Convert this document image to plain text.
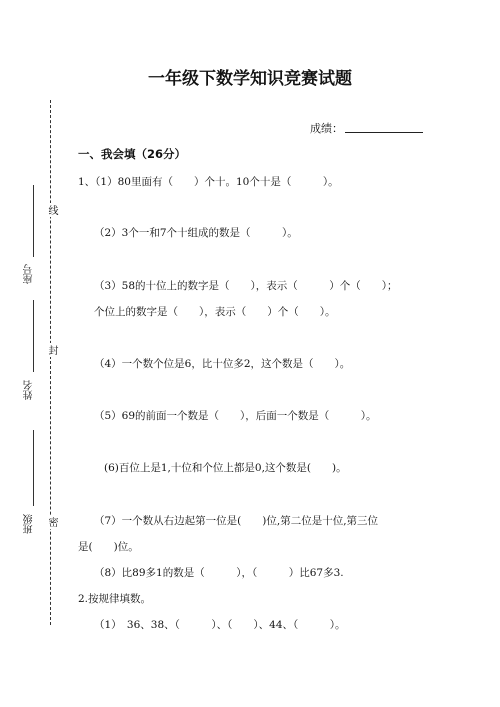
一年级下数学知识竞赛试题
成绩：
一、我会填（26分）
1、（1）80里面有（　　）个十。10个十是（　　　）。
（2）3个一和7个十组成的数是（　　　）。
（3）58的十位上的数字是（　　），表示（　　　）个（　　）；
个位上的数字是（　　），表示（　　）个（　　）。
（4）一个数个位是6，比十位多2，这个数是（　　）。
（5）69的前面一个数是（　　），后面一个数是（　　　）。
(6)百位上是1,十位和个位上都是0,这个数是(　　)。
（7）一个数从右边起第一位是(　　)位,第二位是十位,第三位
是(　　)位。
（8）比89多1的数是（　　　），（　　　）比67多3.
2.按规律填数。
（1）　36、38、（　　　）、（　　）、44、（　　　）。
线
封
密
座号
姓名
班级
